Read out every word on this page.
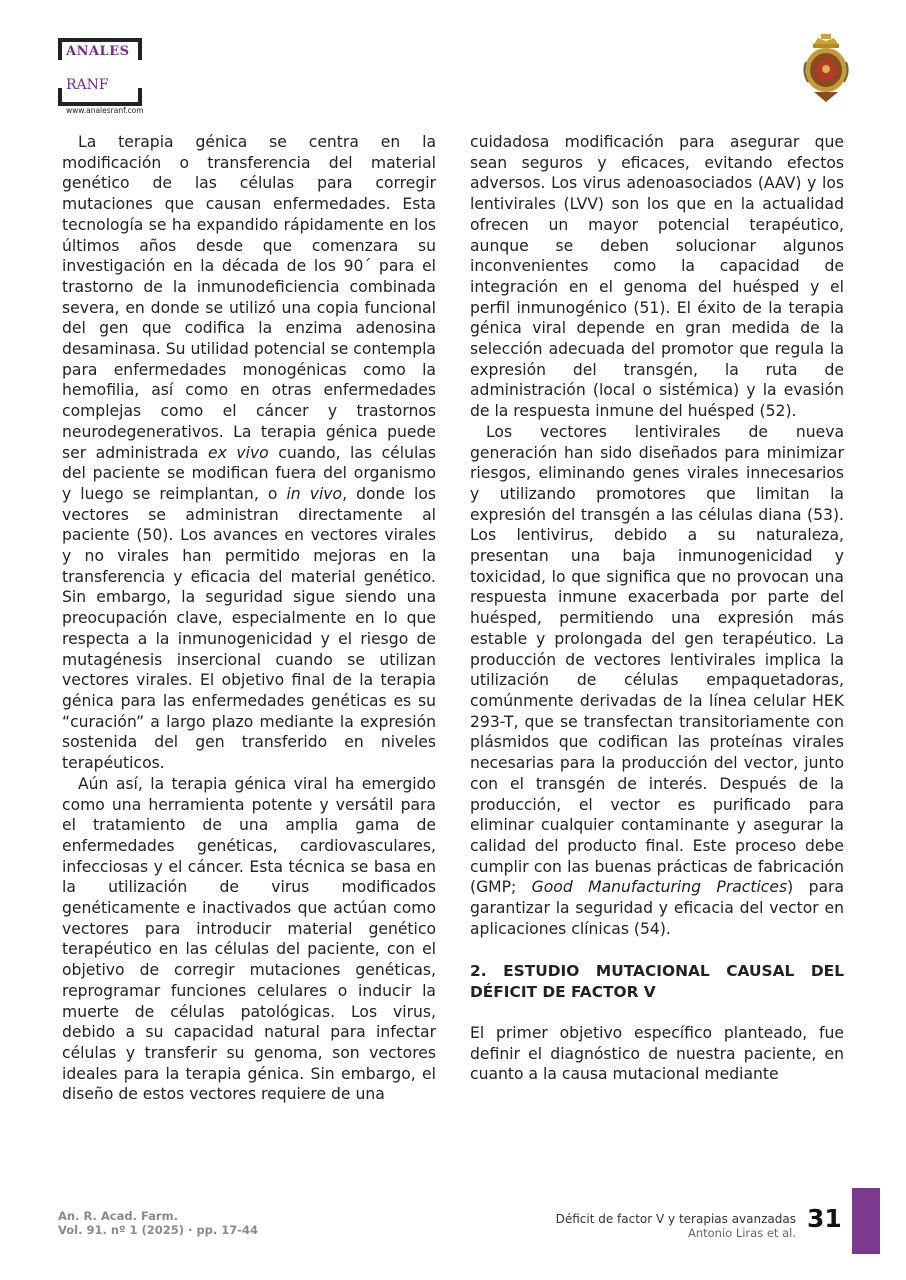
ANALES
RANF
www.analesranf.com

La terapia génica se centra en la modificación o transferencia del material genético de las células para corregir mutaciones que causan enfermedades. Esta tecnología se ha expandido rápidamente en los últimos años desde que comenzara su investigación en la década de los 90´ para el trastorno de la inmunodeficiencia combinada severa, en donde se utilizó una copia funcional del gen que codifica la enzima adenosina desaminasa. Su utilidad potencial se contempla para enfermedades monogénicas como la hemofilia, así como en otras enfermedades complejas como el cáncer y trastornos neurodegenerativos. La terapia génica puede ser administrada ex vivo cuando, las células del paciente se modifican fuera del organismo y luego se reimplantan, o in vivo, donde los vectores se administran directamente al paciente (50). Los avances en vectores virales y no virales han permitido mejoras en la transferencia y eficacia del material genético. Sin embargo, la seguridad sigue siendo una preocupación clave, especialmente en lo que respecta a la inmunogenicidad y el riesgo de mutagénesis insercional cuando se utilizan vectores virales. El objetivo final de la terapia génica para las enfermedades genéticas es su “curación” a largo plazo mediante la expresión sostenida del gen transferido en niveles terapéuticos.

Aún así, la terapia génica viral ha emergido como una herramienta potente y versátil para el tratamiento de una amplia gama de enfermedades genéticas, cardiovasculares, infecciosas y el cáncer. Esta técnica se basa en la utilización de virus modificados genéticamente e inactivados que actúan como vectores para introducir material genético terapéutico en las células del paciente, con el objetivo de corregir mutaciones genéticas, reprogramar funciones celulares o inducir la muerte de células patológicas. Los virus, debido a su capacidad natural para infectar células y transferir su genoma, son vectores ideales para la terapia génica. Sin embargo, el diseño de estos vectores requiere de una

cuidadosa modificación para asegurar que sean seguros y eficaces, evitando efectos adversos. Los virus adenoasociados (AAV) y los lentivirales (LVV) son los que en la actualidad ofrecen un mayor potencial terapéutico, aunque se deben solucionar algunos inconvenientes como la capacidad de integración en el genoma del huésped y el perfil inmunogénico (51). El éxito de la terapia génica viral depende en gran medida de la selección adecuada del promotor que regula la expresión del transgén, la ruta de administración (local o sistémica) y la evasión de la respuesta inmune del huésped (52).

Los vectores lentivirales de nueva generación han sido diseñados para minimizar riesgos, eliminando genes virales innecesarios y utilizando promotores que limitan la expresión del transgén a las células diana (53). Los lentivirus, debido a su naturaleza, presentan una baja inmunogenicidad y toxicidad, lo que significa que no provocan una respuesta inmune exacerbada por parte del huésped, permitiendo una expresión más estable y prolongada del gen terapéutico. La producción de vectores lentivirales implica la utilización de células empaquetadoras, comúnmente derivadas de la línea celular HEK 293-T, que se transfectan transitoriamente con plásmidos que codifican las proteínas virales necesarias para la producción del vector, junto con el transgén de interés. Después de la producción, el vector es purificado para eliminar cualquier contaminante y asegurar la calidad del producto final. Este proceso debe cumplir con las buenas prácticas de fabricación (GMP; Good Manufacturing Practices) para garantizar la seguridad y eficacia del vector en aplicaciones clínicas (54).

2. ESTUDIO MUTACIONAL CAUSAL DEL DÉFICIT DE FACTOR V

El primer objetivo específico planteado, fue definir el diagnóstico de nuestra paciente, en cuanto a la causa mutacional mediante

An. R. Acad. Farm.
Vol. 91. nº 1 (2025) · pp. 17-44
Déficit de factor V y terapias avanzadas
Antonio Liras et al. 31
